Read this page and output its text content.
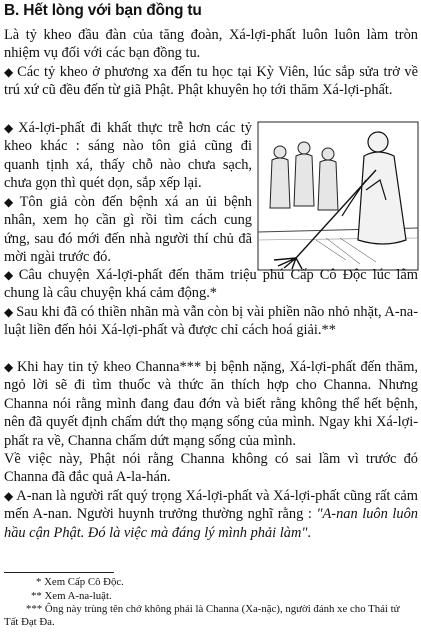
B. Hết lòng với bạn đồng tu

Là tỷ kheo đầu đàn của tăng đoàn, Xá-lợi-phất luôn luôn làm tròn nhiệm vụ đối với các bạn đồng tu.

◆ Các tỷ kheo ở phương xa đến tu học tại Kỳ Viên, lúc sắp sửa trở về trú xứ cũ đều đến từ giã Phật. Phật khuyên họ tới thăm Xá-lợi-phất.

◆ Xá-lợi-phất đi khất thực trễ hơn các tỷ kheo khác : sáng nào tôn giả cũng đi quanh tịnh xá, thấy chỗ nào chưa sạch, chưa gọn thì quét dọn, sắp xếp lại.

◆ Tôn giả còn đến bệnh xá an ủi bệnh nhân, xem họ cần gì rồi tìm cách cung ứng, sau đó mới đến nhà người thí chủ đã mời ngài trước đó.

◆ Câu chuyện Xá-lợi-phất đến thăm triệu phú Cấp Cô Độc lúc lâm chung là câu chuyện khá cảm động.*

◆ Sau khi đã có thiền nhãn mà vẫn còn bị vài phiền não nhỏ nhặt, A-na-luật liền đến hỏi Xá-lợi-phất và được chỉ cách hoá giải.**

◆ Khi hay tin tỷ kheo Channa*** bị bệnh nặng, Xá-lợi-phất đến thăm, ngỏ lời sẽ đi tìm thuốc và thức ăn thích hợp cho Channa. Nhưng Channa nói rằng mình đang đau đớn và biết rằng không thể hết bệnh, nên đã quyết định chấm dứt thọ mạng sống của mình. Ngay khi Xá-lợi-phất ra về, Channa chấm dứt mạng sống của mình.

Về việc này, Phật nói rằng Channa không có sai lầm vì trước đó Channa đã đắc quả A-la-hán.

◆ A-nan là người rất quý trọng Xá-lợi-phất và Xá-lợi-phất cũng rất cảm mến A-nan. Người huynh trưởng thường nghĩ rằng : "A-nan luôn luôn hầu cận Phật. Đó là việc mà đáng lý mình phải làm".

* Xem Cấp Cô Độc.

** Xem A-na-luật.

*** Ông này trùng tên chớ không phải là Channa (Xa-nặc), người đánh xe cho Thái tử Tất Đạt Đa.
